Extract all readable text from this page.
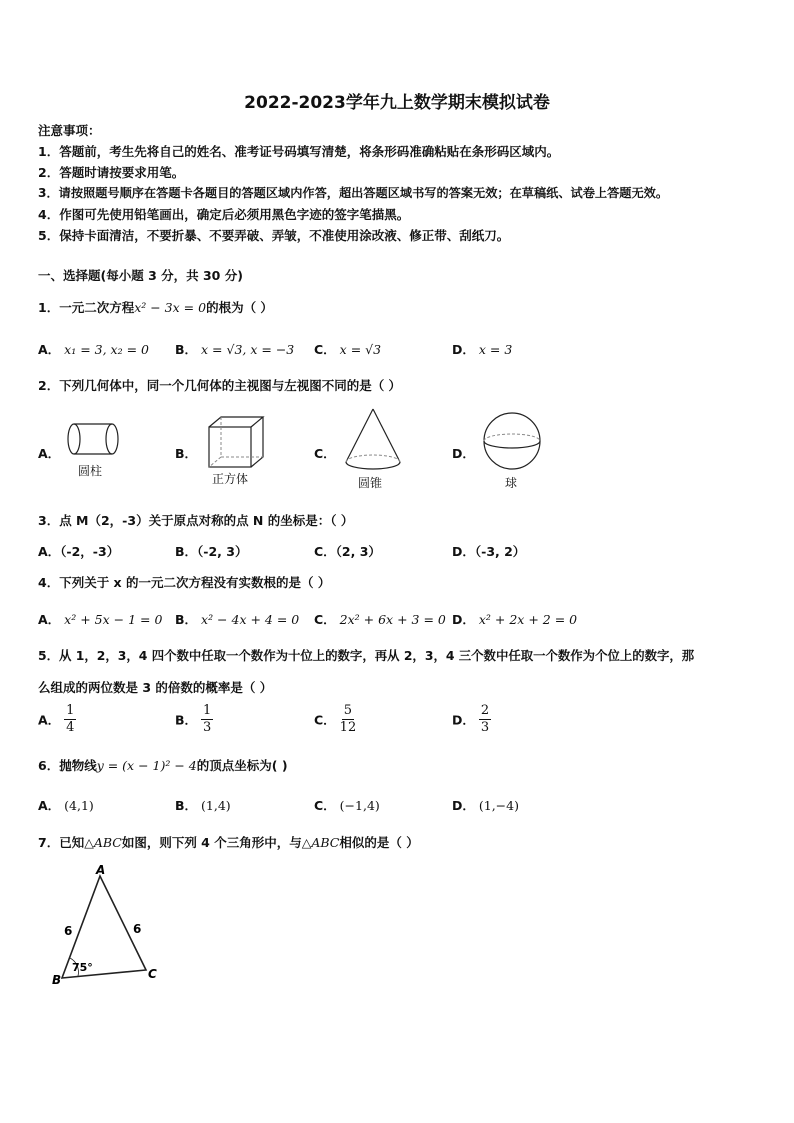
2022-2023学年九上数学期末模拟试卷
注意事项：
1．答题前，考生先将自己的姓名、准考证号码填写清楚，将条形码准确粘贴在条形码区域内。
2．答题时请按要求用笔。
3．请按照题号顺序在答题卡各题目的答题区域内作答，超出答题区域书写的答案无效；在草稿纸、试卷上答题无效。
4．作图可先使用铅笔画出，确定后必须用黑色字迹的签字笔描黑。
5．保持卡面清洁，不要折暴、不要弄破、弄皱，不准使用涂改液、修正带、刮纸刀。
一、选择题(每小题 3 分，共 30 分)
1．一元二次方程x² − 3x = 0的根为（ ）
A． x₁ = 3, x₂ = 0 B． x = √3, x = −3 C． x = √3	D． x = 3
2．下列几何体中，同一个几何体的主视图与左视图不同的是（ ）
A．
圆柱
B．
正方体
C．
圆锥
D．
球
3．点 M（2，-3）关于原点对称的点 N 的坐标是：（ ）
A．（-2，-3）	B．（-2, 3）	C．（2, 3）	D．（-3, 2）
4．下列关于 x 的一元二次方程没有实数根的是（ ）
A． x² + 5x − 1 = 0 B． x² − 4x + 4 = 0 C． 2x² + 6x + 3 = 0 D． x² + 2x + 2 = 0
5．从 1，2，3，4 四个数中任取一个数作为十位上的数字，再从 2，3，4 三个数中任取一个数作为个位上的数字，那
么组成的两位数是 3 的倍数的概率是（ ）
A． $\frac{1}{4}$	B． $\frac{1}{3}$	C． $\frac{5}{12}$	D． $\frac{2}{3}$
6．抛物线y = (x − 1)² − 4的顶点坐标为( )
A． (4,1)	B． (1,4)	C． (−1,4)	D． (1,−4)
7．已知△ABC如图，则下列 4 个三角形中，与△ABC相似的是（ ）
A
B	C
6	6
75°
